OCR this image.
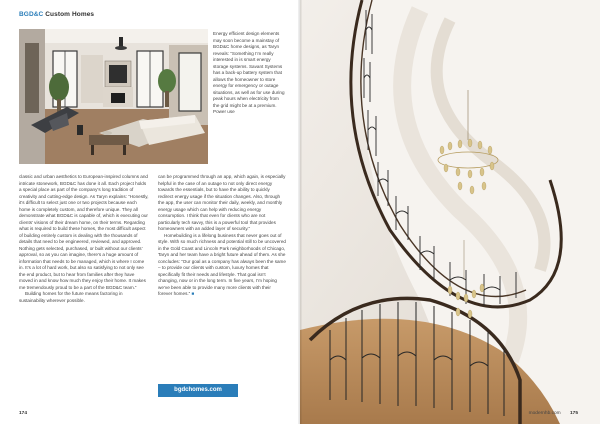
BGD&C Custom Homes

Energy efficient design elements may soon become a mainstay of BGD&C home designs, as Taryn reveals: “Something I’m really interested in is smart energy storage systems. Savant Systems has a back-up battery system that allows the homeowner to store energy for emergency or outage situations, as well as for use during peak hours when electricity from the grid might be at a premium. Power use

classic and urban aesthetics to European-inspired columns and intricate stonework, BGD&C has done it all. Each project holds a special place as part of the company’s long tradition of creativity and cutting-edge design. As Taryn explains: “Honestly, it’s difficult to select just one or two projects because each home is completely custom, and therefore unique. They all demonstrate what BGD&C is capable of, which is executing our clients’ visions of their dream home, on their terms. Regarding what is required to build these homes, the most difficult aspect of building entirely custom is dealing with the thousands of details that need to be engineered, reviewed, and approved. Nothing gets selected, purchased, or built without our clients’ approval, so as you can imagine, there’s a huge amount of information that needs to be managed, which is where I come in. It’s a lot of hard work, but also so satisfying to not only see the end product, but to hear from families after they have moved in and know how much they enjoy their home. It makes me tremendously proud to be a part of the BGD&C team.”

Building homes for the future means factoring in sustainability wherever possible.

can be programmed through an app, which again, is especially helpful in the case of an outage to not only direct energy towards the essentials, but to have the ability to quickly redirect energy usage if the situation changes. Also, through the app, the user can monitor their daily, weekly, and monthly energy usage which can help with reducing energy consumption. I think that even for clients who are not particularly tech savvy, this is a powerful tool that provides homeowners with an added layer of security.”

Homebuilding is a lifelong business that never goes out of style. With so much richness and potential still to be uncovered in the Gold Coast and Lincoln Park neighborhoods of Chicago, Taryn and her team have a bright future ahead of them. As she concludes: “Our goal as a company has always been the same – to provide our clients with custom, luxury homes that specifically fit their needs and lifestyle. That goal isn’t changing, now or in the long term. In five years, I’m hoping we’ve been able to provide many more clients with their forever homes.” ■

bgdchomes.com
174	modernhb.com 175
